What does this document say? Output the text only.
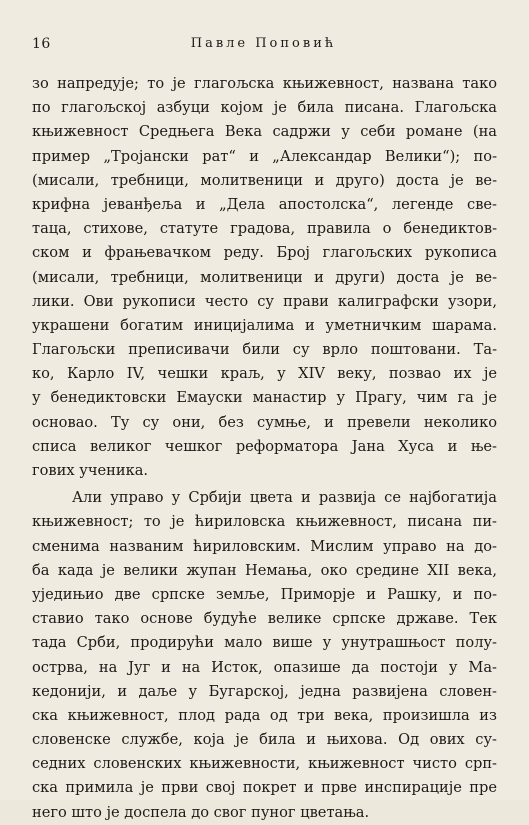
16	Павле Поповић
зо напредује; то је глагољска књижевност, названа тако
по глагољској азбуци којом је била писана. Глагољска
књижевност Средњега Века садржи у себи романе (на
пример „Тројански рат“ и „Александар Велики“); по-
(мисали, требници, молитвеници и друго) доста је ве-
крифна јеванђеља и „Дела апостолска“, легенде све-
таца, стихове, статуте градова, правила о бенедиктов-
ском и фрањевачком реду. Број глагољских рукописа
(мисали, требници, молитвеници и други) доста је ве-
лики. Ови рукописи често су прави калиграфски узори,
украшени богатим иницијалима и уметничким шарама.
Глагољски преписивачи били су врло поштовани. Та-
ко, Карло IV, чешки краљ, у XIV веку, позвао их је
у бенедиктовски Емауски манастир у Прагу, чим га је
основао. Ту су они, без сумње, и превели неколико
списа великог чешког реформатора Јана Хуса и ње-
гових ученика.
Али управо у Србији цвета и развија се најбогатија
књижевност; то је ћириловска књижевност, писана пи-
сменима названим ћириловским. Мислим управо на до-
ба када је велики жупан Немања, око средине XII века,
уједињио две српске земље, Приморје и Рашку, и по-
ставио тако основе будуће велике српске државе. Тек
тада Срби, продирући мало више у унутрашњост полу-
острва, на Југ и на Исток, опазише да постоји у Ма-
кедонији, и даље у Бугарској, једна развијена словен-
ска књижевност, плод рада од три века, произишла из
словенске службе, која је била и њихова. Од ових су-
седних словенских књижевности, књижевност чисто срп-
ска примила је први свој покрет и прве инспирације пре
него што је доспела до свог пуног цветања.
